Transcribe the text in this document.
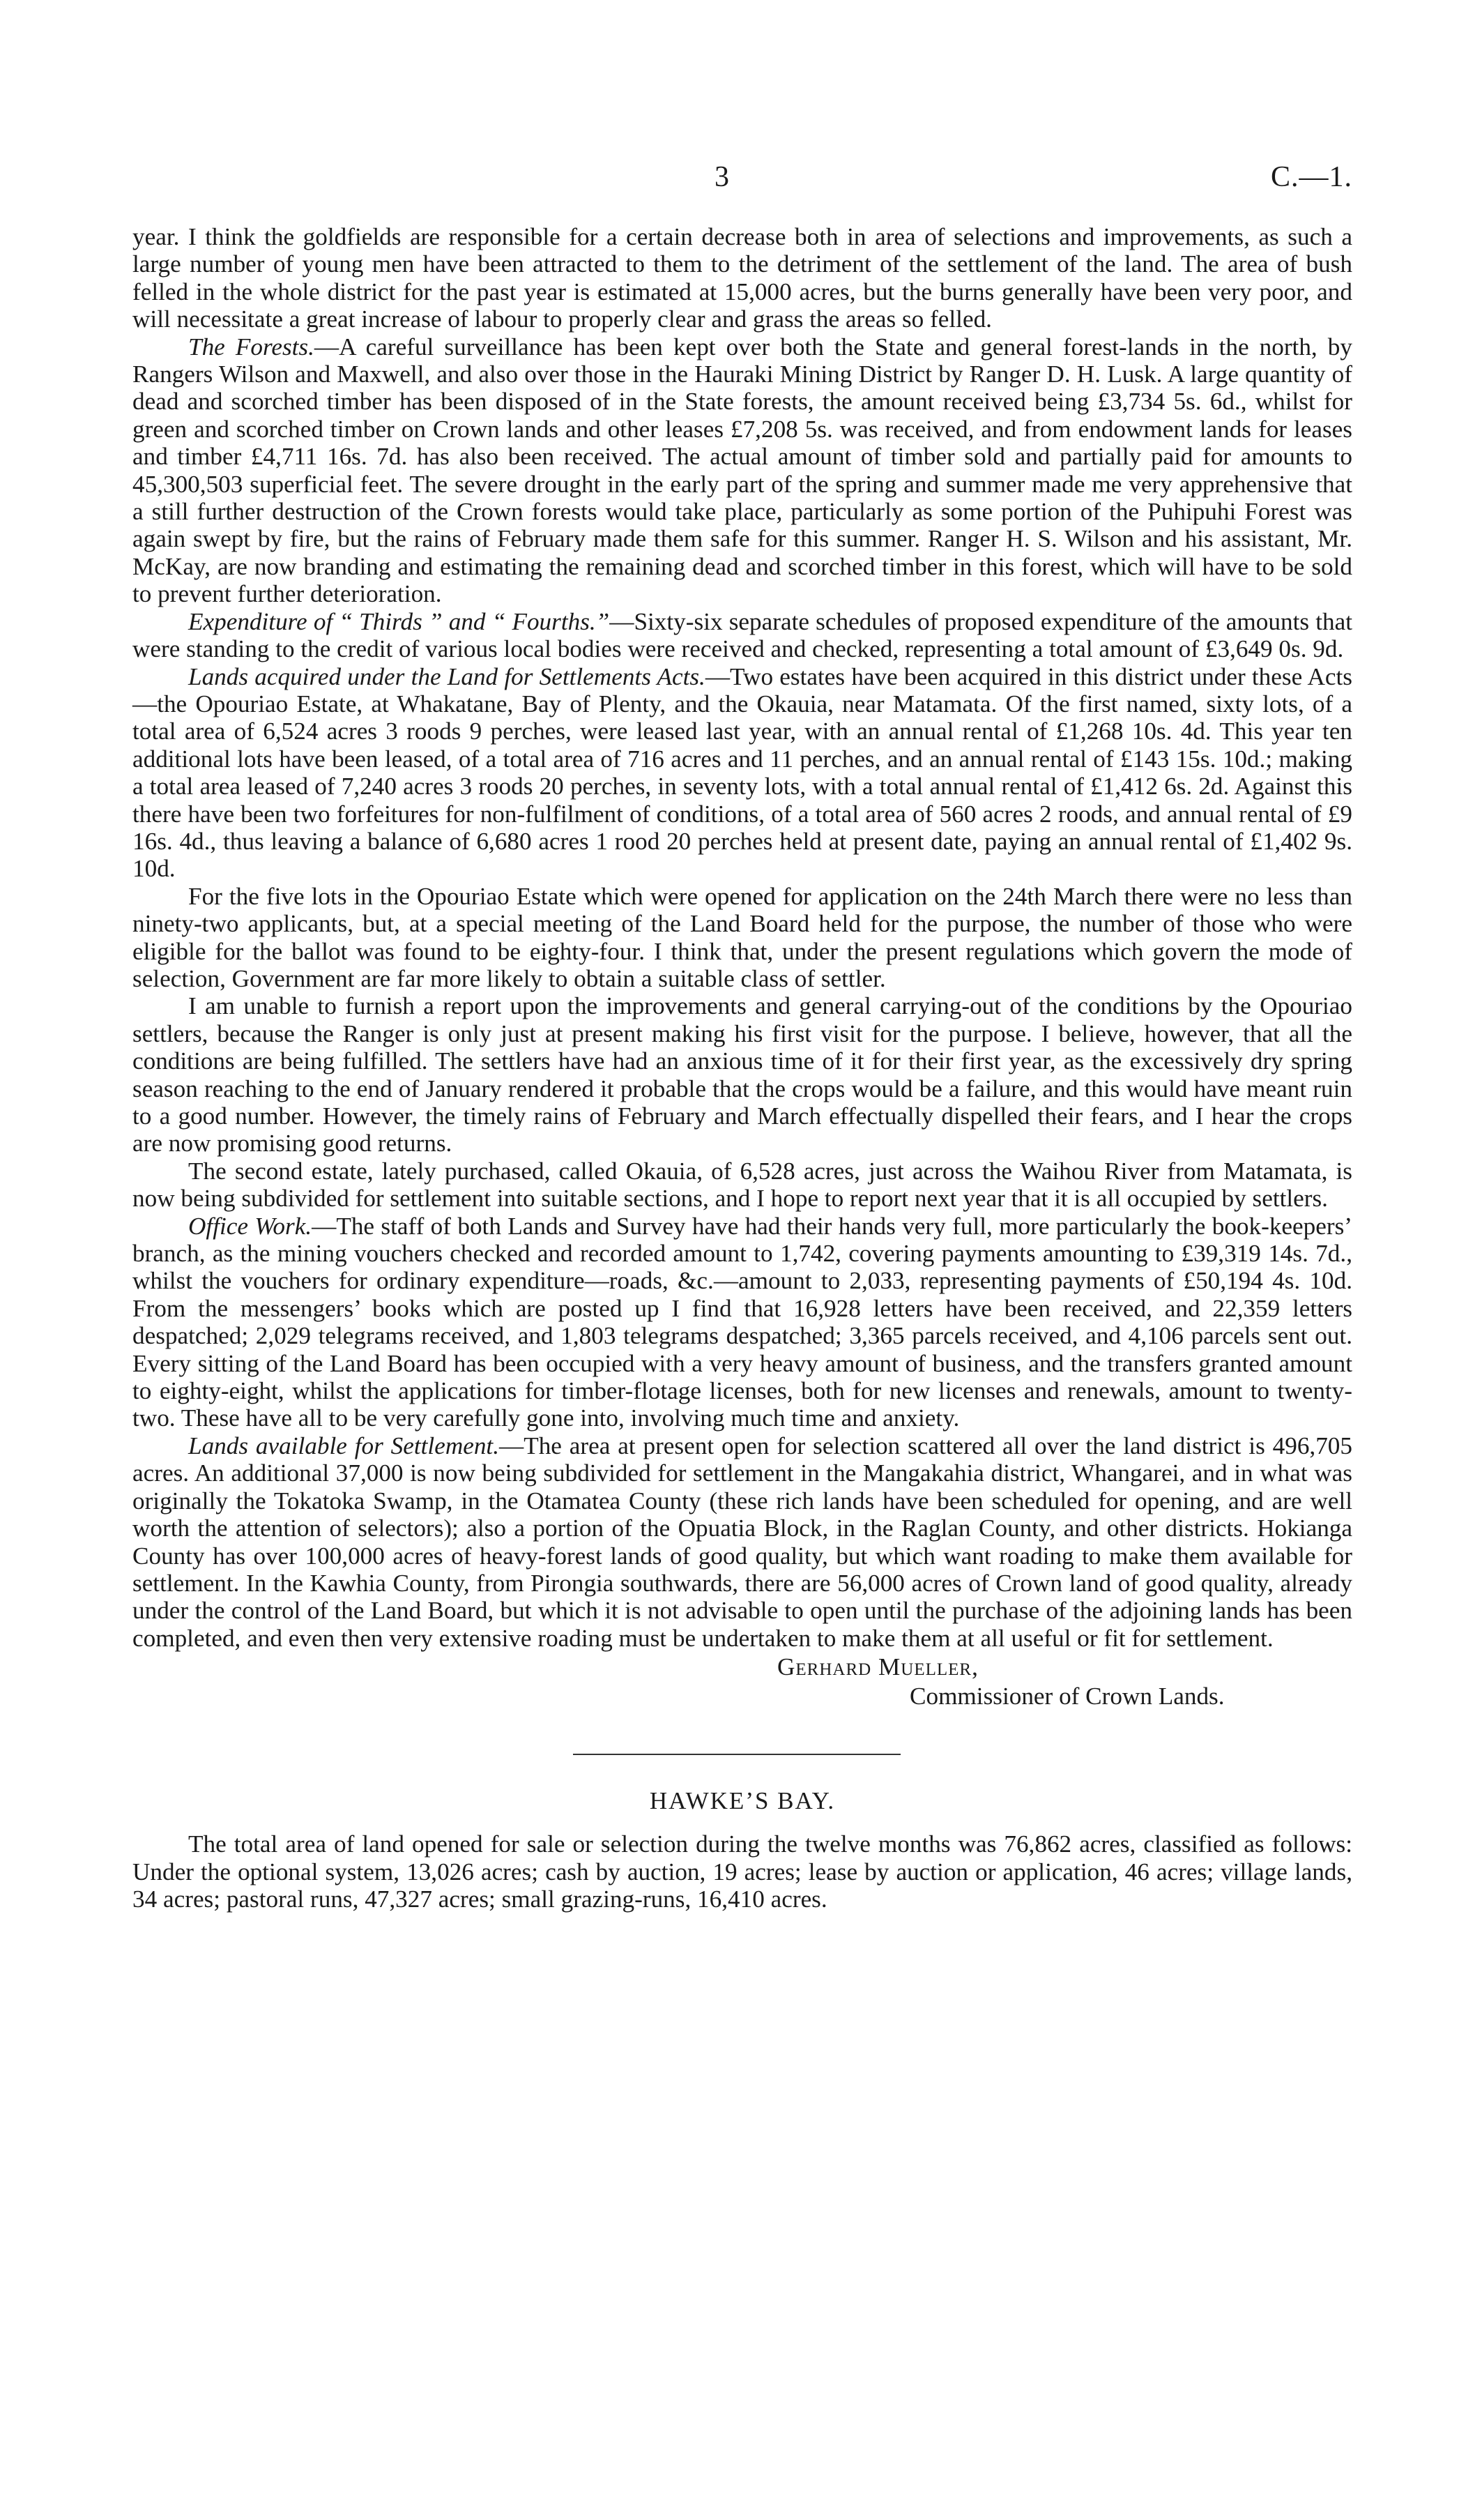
3	C.—1.

year. I think the goldfields are responsible for a certain decrease both in area of selections and improvements, as such a large number of young men have been attracted to them to the detriment of the settlement of the land. The area of bush felled in the whole district for the past year is estimated at 15,000 acres, but the burns generally have been very poor, and will necessitate a great increase of labour to properly clear and grass the areas so felled.

The Forests.—A careful surveillance has been kept over both the State and general forest-lands in the north, by Rangers Wilson and Maxwell, and also over those in the Hauraki Mining District by Ranger D. H. Lusk. A large quantity of dead and scorched timber has been disposed of in the State forests, the amount received being £3,734 5s. 6d., whilst for green and scorched timber on Crown lands and other leases £7,208 5s. was received, and from endowment lands for leases and timber £4,711 16s. 7d. has also been received. The actual amount of timber sold and partially paid for amounts to 45,300,503 superficial feet. The severe drought in the early part of the spring and summer made me very apprehensive that a still further destruction of the Crown forests would take place, particularly as some portion of the Puhipuhi Forest was again swept by fire, but the rains of February made them safe for this summer. Ranger H. S. Wilson and his assistant, Mr. McKay, are now branding and estimating the remaining dead and scorched timber in this forest, which will have to be sold to prevent further deterioration.

Expenditure of “ Thirds ” and “ Fourths.”—Sixty-six separate schedules of proposed expenditure of the amounts that were standing to the credit of various local bodies were received and checked, representing a total amount of £3,649 0s. 9d.

Lands acquired under the Land for Settlements Acts.—Two estates have been acquired in this district under these Acts—the Opouriao Estate, at Whakatane, Bay of Plenty, and the Okauia, near Matamata. Of the first named, sixty lots, of a total area of 6,524 acres 3 roods 9 perches, were leased last year, with an annual rental of £1,268 10s. 4d. This year ten additional lots have been leased, of a total area of 716 acres and 11 perches, and an annual rental of £143 15s. 10d.; making a total area leased of 7,240 acres 3 roods 20 perches, in seventy lots, with a total annual rental of £1,412 6s. 2d. Against this there have been two forfeitures for non-fulfilment of conditions, of a total area of 560 acres 2 roods, and annual rental of £9 16s. 4d., thus leaving a balance of 6,680 acres 1 rood 20 perches held at present date, paying an annual rental of £1,402 9s. 10d.

For the five lots in the Opouriao Estate which were opened for application on the 24th March there were no less than ninety-two applicants, but, at a special meeting of the Land Board held for the purpose, the number of those who were eligible for the ballot was found to be eighty-four. I think that, under the present regulations which govern the mode of selection, Government are far more likely to obtain a suitable class of settler.

I am unable to furnish a report upon the improvements and general carrying-out of the conditions by the Opouriao settlers, because the Ranger is only just at present making his first visit for the purpose. I believe, however, that all the conditions are being fulfilled. The settlers have had an anxious time of it for their first year, as the excessively dry spring season reaching to the end of January rendered it probable that the crops would be a failure, and this would have meant ruin to a good number. However, the timely rains of February and March effectually dispelled their fears, and I hear the crops are now promising good returns.

The second estate, lately purchased, called Okauia, of 6,528 acres, just across the Waihou River from Matamata, is now being subdivided for settlement into suitable sections, and I hope to report next year that it is all occupied by settlers.

Office Work.—The staff of both Lands and Survey have had their hands very full, more particularly the book-keepers’ branch, as the mining vouchers checked and recorded amount to 1,742, covering payments amounting to £39,319 14s. 7d., whilst the vouchers for ordinary expenditure—roads, &c.—amount to 2,033, representing payments of £50,194 4s. 10d. From the messengers’ books which are posted up I find that 16,928 letters have been received, and 22,359 letters despatched; 2,029 telegrams received, and 1,803 telegrams despatched; 3,365 parcels received, and 4,106 parcels sent out. Every sitting of the Land Board has been occupied with a very heavy amount of business, and the transfers granted amount to eighty-eight, whilst the applications for timber-flotage licenses, both for new licenses and renewals, amount to twenty-two. These have all to be very carefully gone into, involving much time and anxiety.

Lands available for Settlement.—The area at present open for selection scattered all over the land district is 496,705 acres. An additional 37,000 is now being subdivided for settlement in the Mangakahia district, Whangarei, and in what was originally the Tokatoka Swamp, in the Otamatea County (these rich lands have been scheduled for opening, and are well worth the attention of selectors); also a portion of the Opuatia Block, in the Raglan County, and other districts. Hokianga County has over 100,000 acres of heavy-forest lands of good quality, but which want roading to make them available for settlement. In the Kawhia County, from Pirongia southwards, there are 56,000 acres of Crown land of good quality, already under the control of the Land Board, but which it is not advisable to open until the purchase of the adjoining lands has been completed, and even then very extensive roading must be undertaken to make them at all useful or fit for settlement.

Gerhard Mueller,
Commissioner of Crown Lands.
HAWKE’S BAY.

The total area of land opened for sale or selection during the twelve months was 76,862 acres, classified as follows: Under the optional system, 13,026 acres; cash by auction, 19 acres; lease by auction or application, 46 acres; village lands, 34 acres; pastoral runs, 47,327 acres; small grazing-runs, 16,410 acres.
